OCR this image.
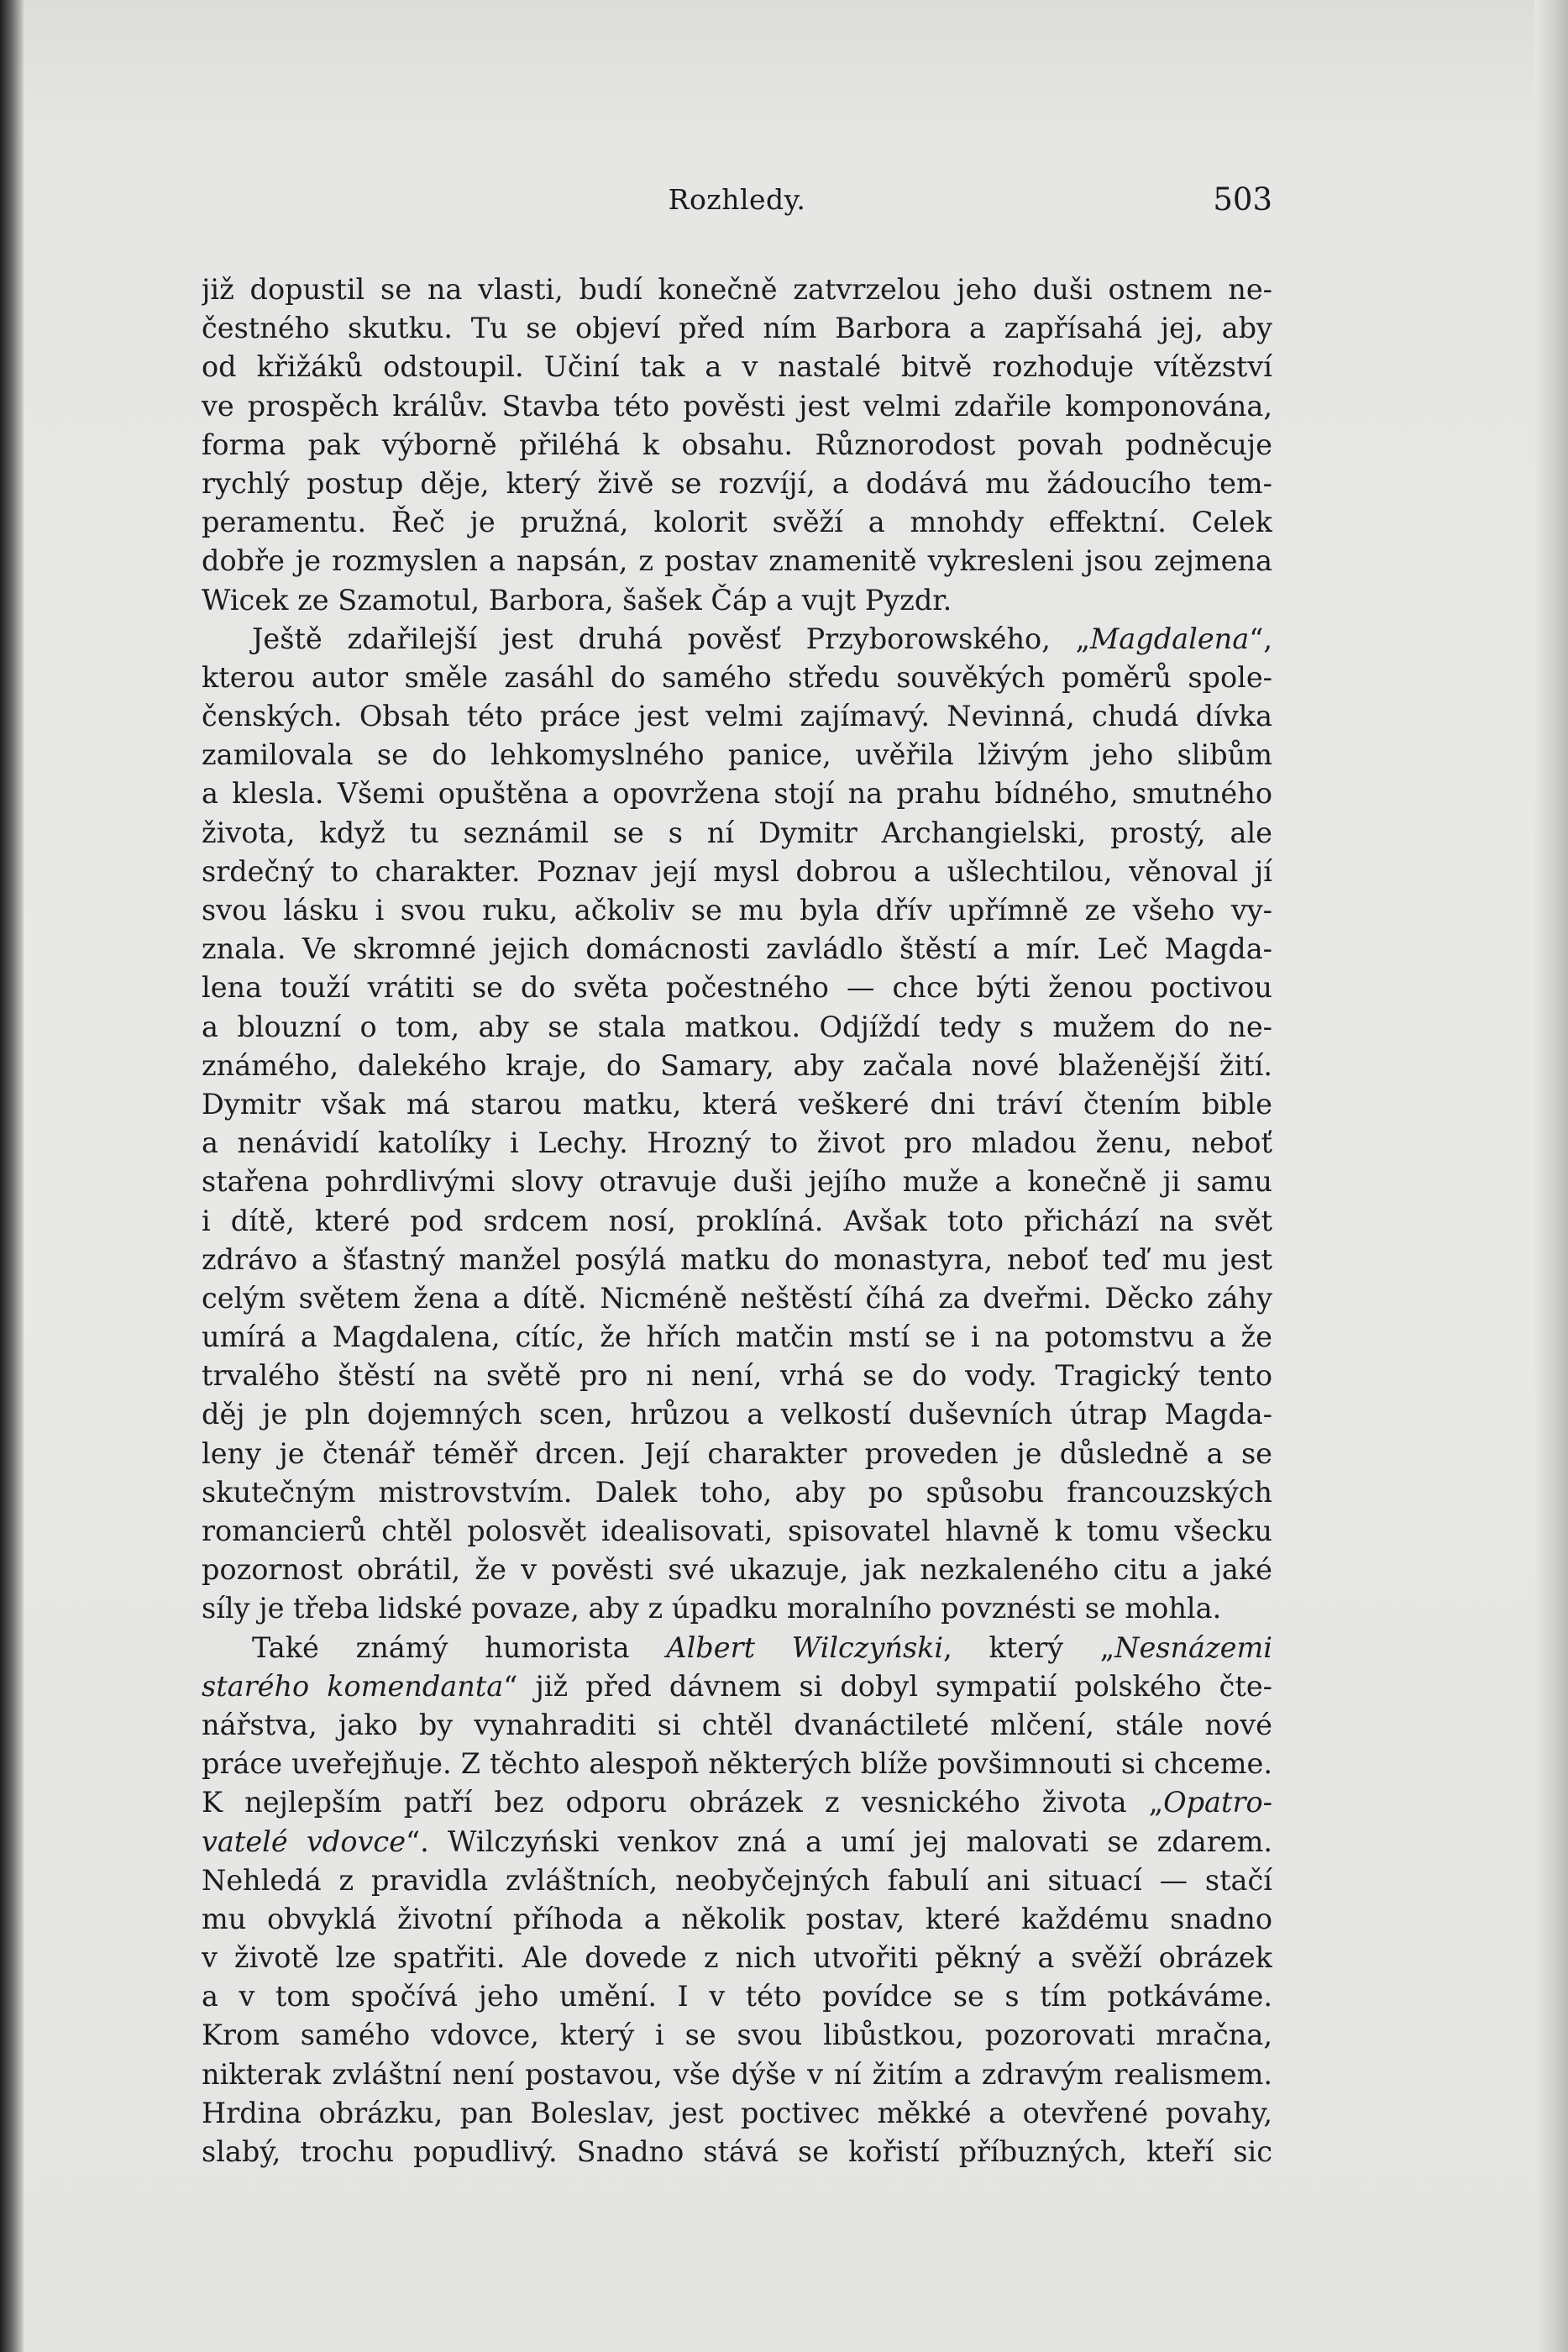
Rozhledy.	503
již dopustil se na vlasti, budí konečně zatvrzelou jeho duši ostnem ne-
čestného skutku. Tu se objeví před ním Barbora a zapřísahá jej, aby
od křižáků odstoupil. Učiní tak a v nastalé bitvě rozhoduje vítězství
ve prospěch králův. Stavba této pověsti jest velmi zdařile komponována,
forma pak výborně přiléhá k obsahu. Různorodost povah podněcuje
rychlý postup děje, který živě se rozvíjí, a dodává mu žádoucího tem-
peramentu. Řeč je pružná, kolorit svěží a mnohdy effektní. Celek
dobře je rozmyslen a napsán, z postav znamenitě vykresleni jsou zejmena
Wicek ze Szamotul, Barbora, šašek Čáp a vujt Pyzdr.
Ještě zdařilejší jest druhá pověsť Przyborowského, „Magdalena“,
kterou autor směle zasáhl do samého středu souvěkých poměrů spole-
čenských. Obsah této práce jest velmi zajímavý. Nevinná, chudá dívka
zamilovala se do lehkomyslného panice, uvěřila lživým jeho slibům
a klesla. Všemi opuštěna a opovržena stojí na prahu bídného, smutného
života, když tu seznámil se s ní Dymitr Archangielski, prostý, ale
srdečný to charakter. Poznav její mysl dobrou a ušlechtilou, věnoval jí
svou lásku i svou ruku, ačkoliv se mu byla dřív upřímně ze všeho vy-
znala. Ve skromné jejich domácnosti zavládlo štěstí a mír. Leč Magda-
lena touží vrátiti se do světa počestného — chce býti ženou poctivou
a blouzní o tom, aby se stala matkou. Odjíždí tedy s mužem do ne-
známého, dalekého kraje, do Samary, aby začala nové blaženější žití.
Dymitr však má starou matku, která veškeré dni tráví čtením bible
a nenávidí katolíky i Lechy. Hrozný to život pro mladou ženu, neboť
stařena pohrdlivými slovy otravuje duši jejího muže a konečně ji samu
i dítě, které pod srdcem nosí, proklíná. Avšak toto přichází na svět
zdrávo a šťastný manžel posýlá matku do monastyra, neboť teď mu jest
celým světem žena a dítě. Nicméně neštěstí číhá za dveřmi. Děcko záhy
umírá a Magdalena, cítíc, že hřích matčin mstí se i na potomstvu a že
trvalého štěstí na světě pro ni není, vrhá se do vody. Tragický tento
děj je pln dojemných scen, hrůzou a velkostí duševních útrap Magda-
leny je čtenář téměř drcen. Její charakter proveden je důsledně a se
skutečným mistrovstvím. Dalek toho, aby po spůsobu francouzských
romancierů chtěl polosvět idealisovati, spisovatel hlavně k tomu všecku
pozornost obrátil, že v pověsti své ukazuje, jak nezkaleného citu a jaké
síly je třeba lidské povaze, aby z úpadku moralního povznésti se mohla.
Také známý humorista Albert Wilczyński, který „Nesnázemi
starého komendanta“ již před dávnem si dobyl sympatií polského čte-
nářstva, jako by vynahraditi si chtěl dvanáctileté mlčení, stále nové
práce uveřejňuje. Z těchto alespoň některých blíže povšimnouti si chceme.
K nejlepším patří bez odporu obrázek z vesnického života „Opatro-
vatelé vdovce“. Wilczyński venkov zná a umí jej malovati se zdarem.
Nehledá z pravidla zvláštních, neobyčejných fabulí ani situací — stačí
mu obvyklá životní příhoda a několik postav, které každému snadno
v životě lze spatřiti. Ale dovede z nich utvořiti pěkný a svěží obrázek
a v tom spočívá jeho umění. I v této povídce se s tím potkáváme.
Krom samého vdovce, který i se svou libůstkou, pozorovati mračna,
nikterak zvláštní není postavou, vše dýše v ní žitím a zdravým realismem.
Hrdina obrázku, pan Boleslav, jest poctivec měkké a otevřené povahy,
slabý, trochu popudlivý. Snadno stává se kořistí příbuzných, kteří sic
